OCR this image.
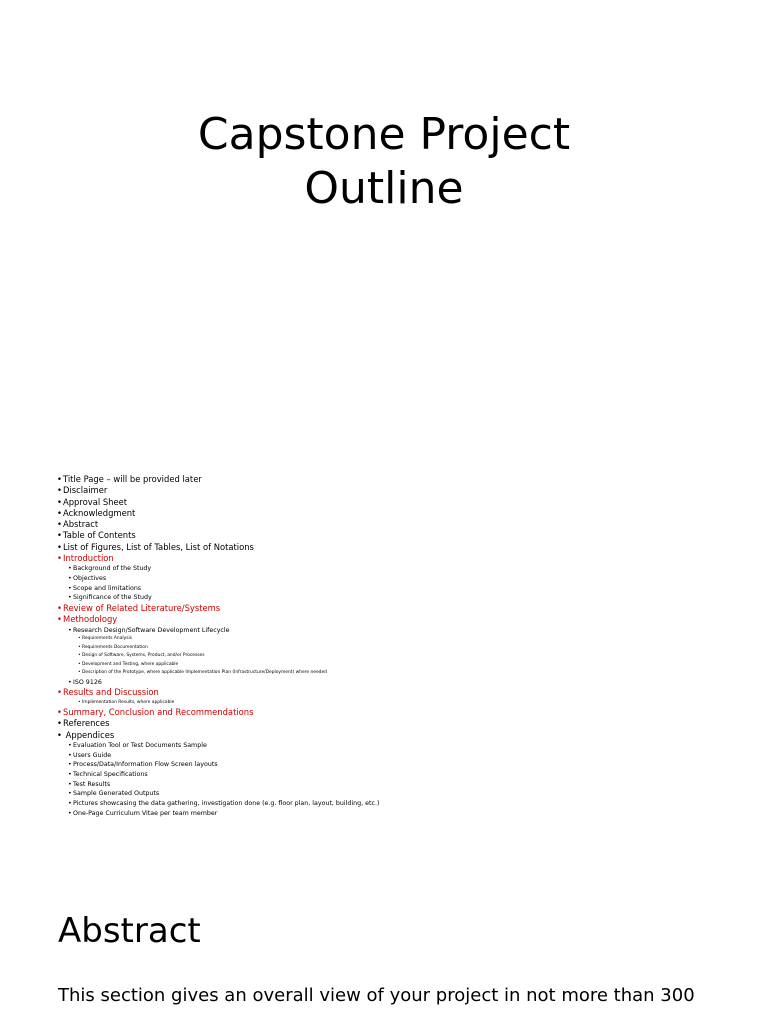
Capstone Project
Outline
•Title Page – will be provided later
•Disclaimer
•Approval Sheet
•Acknowledgment
•Abstract
•Table of Contents
•List of Figures, List of Tables, List of Notations
•Introduction
•Background of the Study
•Objectives
•Scope and limitations
•Significance of the Study
•Review of Related Literature/Systems
•Methodology
•Research Design/Software Development Lifecycle
•Requirements Analysis
•Requirements Documentation
•Design of Software, Systems, Product, and/or Processes
•Development and Testing, where applicable
•Description of the Prototype, where applicable Implementation Plan (Infrastructure/Deployment) where needed
•ISO 9126
•Results and Discussion
•Implementation Results, where applicable
•Summary, Conclusion and Recommendations
•References
• Appendices
•Evaluation Tool or Test Documents Sample
•Users Guide
•Process/Data/Information Flow Screen layouts
•Technical Specifications
•Test Results
•Sample Generated Outputs
•Pictures showcasing the data gathering, investigation done (e.g. floor plan, layout, building, etc.)
•One-Page Curriculum Vitae per team member
Abstract

This section gives an overall view of your project in not more than 300
